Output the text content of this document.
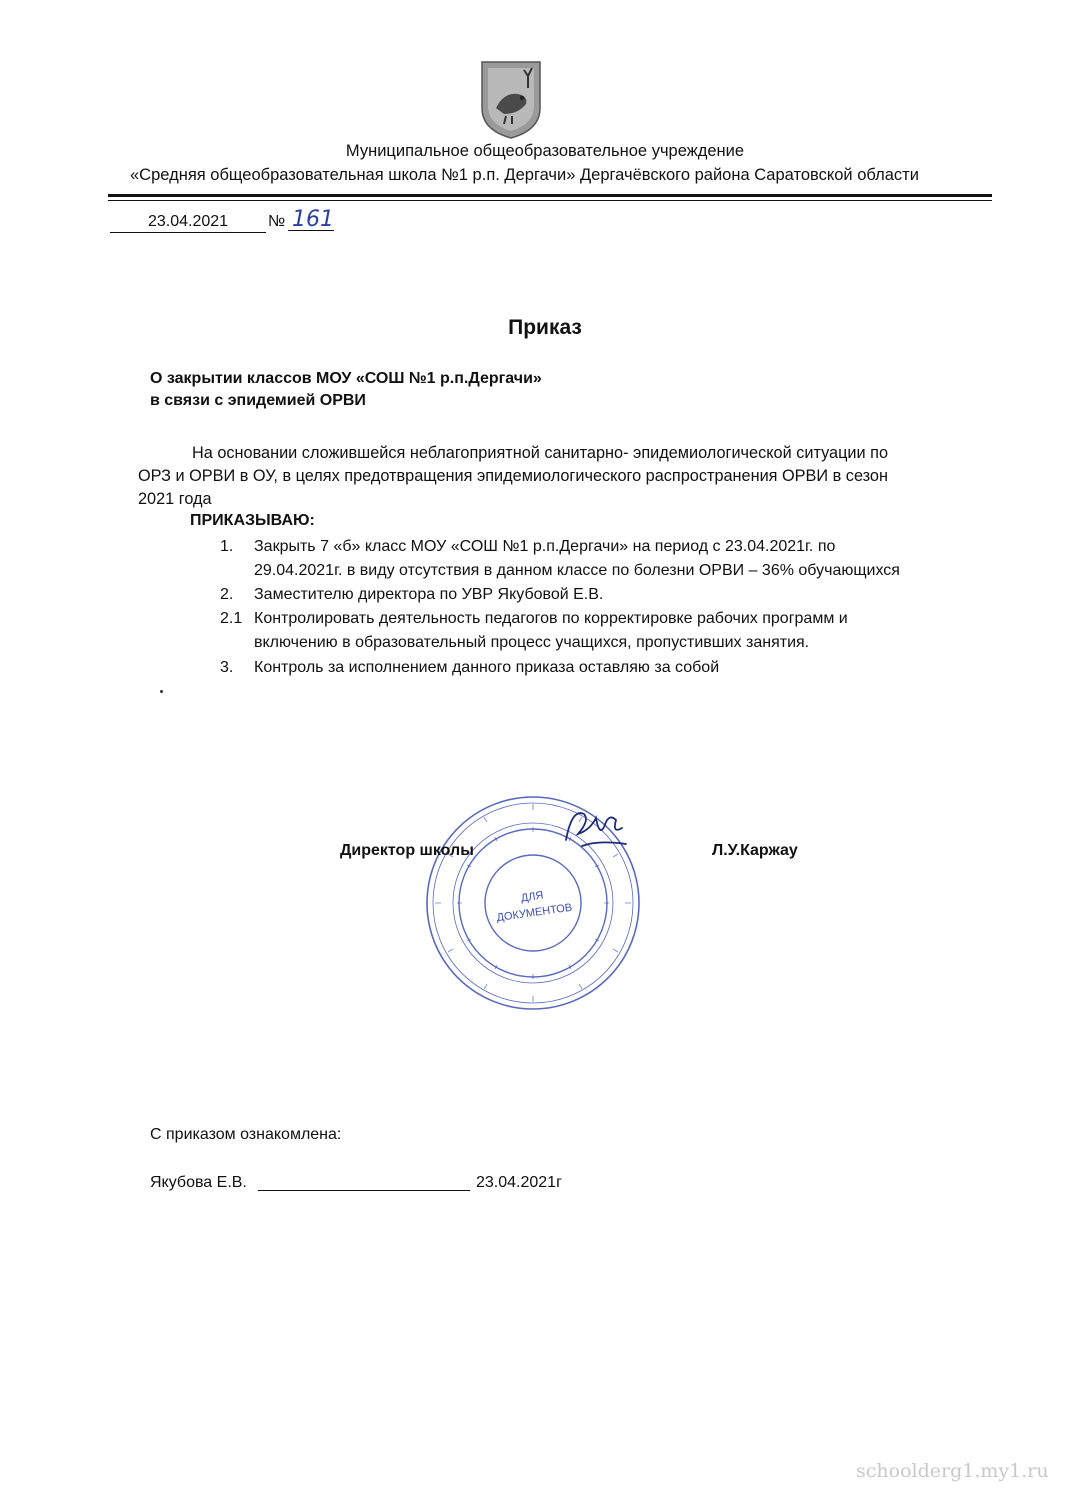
Муниципальное общеобразовательное учреждение
«Средняя общеобразовательная школа №1 р.п. Дергачи» Дергачёвского района Саратовской области
23.04.2021	№ 161
Приказ
О закрытии классов МОУ «СОШ №1 р.п.Дергачи»
в связи с эпидемией ОРВИ
На основании сложившейся неблагоприятной санитарно- эпидемиологической ситуации по
ОРЗ и ОРВИ в ОУ, в целях предотвращения эпидемиологического распространения ОРВИ в сезон
2021 года
ПРИКАЗЫВАЮ:
1. Закрыть 7 «б» класс МОУ «СОШ №1 р.п.Дергачи» на период с 23.04.2021г. по
29.04.2021г. в виду отсутствия в данном классе по болезни ОРВИ – 36% обучающихся
2. Заместителю директора по УВР Якубовой Е.В.
2.1 Контролировать деятельность педагогов по корректировке рабочих программ и
включению в образовательный процесс учащихся, пропустивших занятия.
3. Контроль за исполнением данного приказа оставляю за собой
ДЛЯ
ДОКУМЕНТОВ
Директор школы	Л.У.Каржау
С приказом ознакомлена:
Якубова Е.В.	23.04.2021г
schoolderg1.my1.ru
